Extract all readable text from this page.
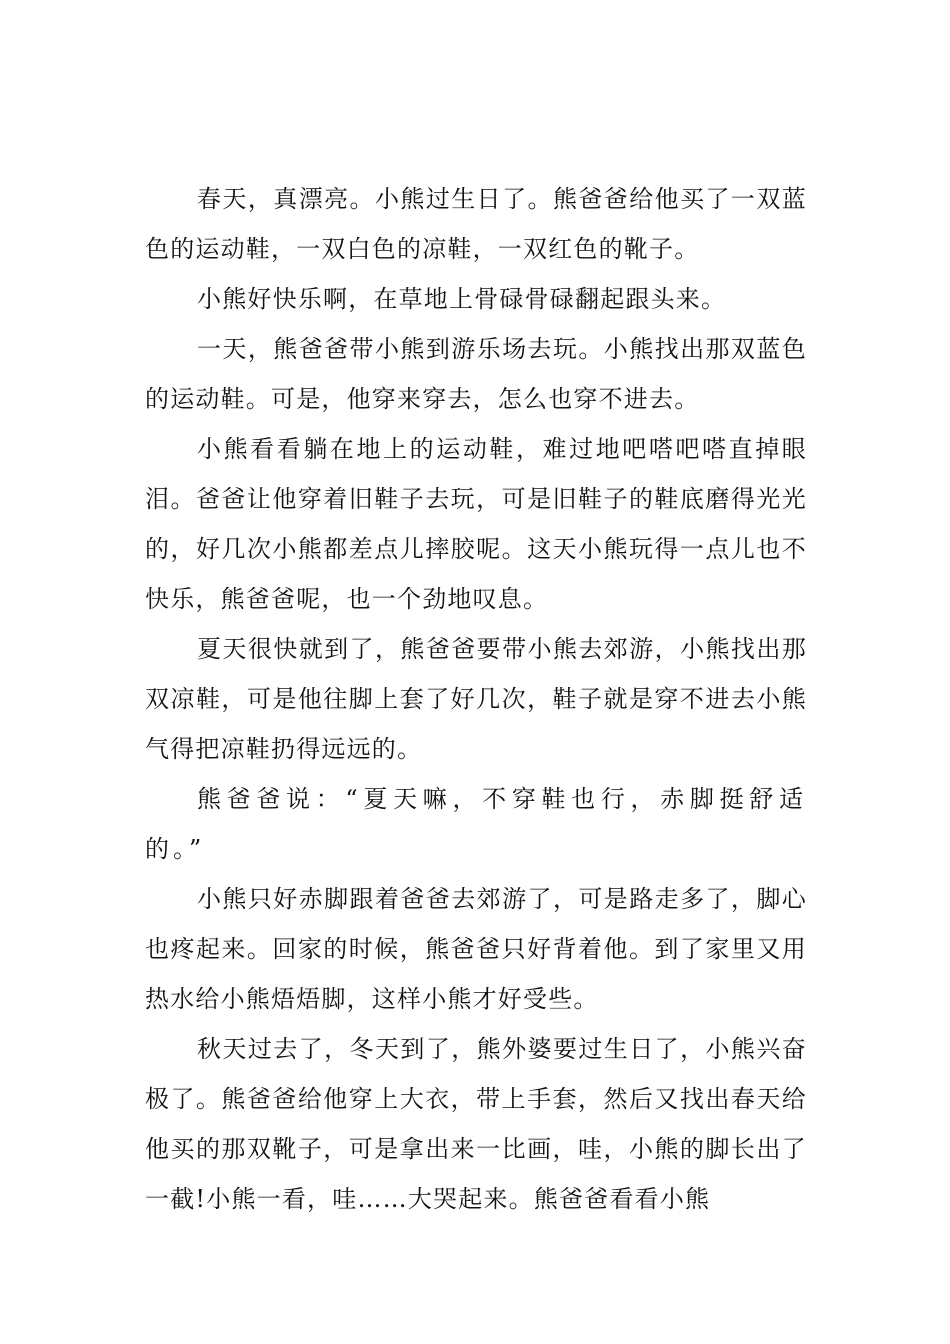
春天，真漂亮。小熊过生日了。熊爸爸给他买了一双蓝色的运动鞋，一双白色的凉鞋，一双红色的靴子。

小熊好快乐啊，在草地上骨碌骨碌翻起跟头来。

一天，熊爸爸带小熊到游乐场去玩。小熊找出那双蓝色的运动鞋。可是，他穿来穿去，怎么也穿不进去。

小熊看看躺在地上的运动鞋，难过地吧嗒吧嗒直掉眼泪。爸爸让他穿着旧鞋子去玩，可是旧鞋子的鞋底磨得光光的，好几次小熊都差点儿摔胶呢。这天小熊玩得一点儿也不快乐，熊爸爸呢，也一个劲地叹息。

夏天很快就到了，熊爸爸要带小熊去郊游，小熊找出那双凉鞋，可是他往脚上套了好几次，鞋子就是穿不进去小熊气得把凉鞋扔得远远的。

熊爸爸说：“夏天嘛，不穿鞋也行，赤脚挺舒适的。”

小熊只好赤脚跟着爸爸去郊游了，可是路走多了，脚心也疼起来。回家的时候，熊爸爸只好背着他。到了家里又用热水给小熊焐焐脚，这样小熊才好受些。

秋天过去了，冬天到了，熊外婆要过生日了，小熊兴奋极了。熊爸爸给他穿上大衣，带上手套，然后又找出春天给他买的那双靴子，可是拿出来一比画，哇，小熊的脚长出了一截!小熊一看，哇……大哭起来。熊爸爸看看小熊
